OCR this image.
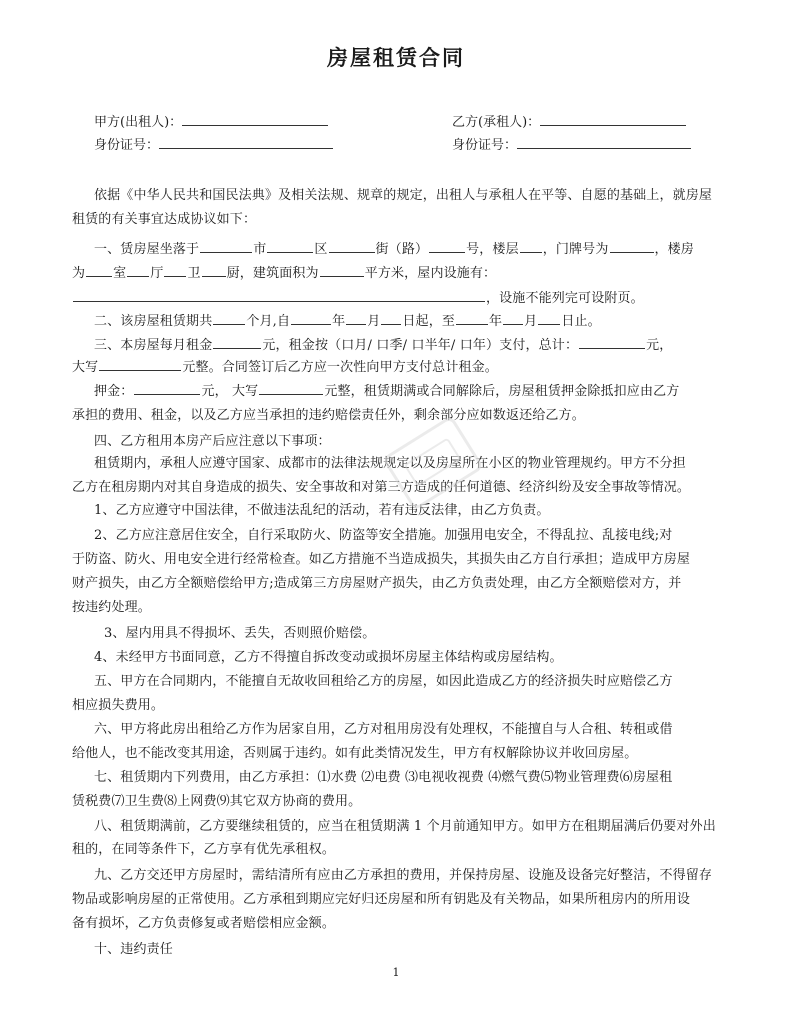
房屋租赁合同
甲方(出租人)：
身份证号：
乙方(承租人)：
身份证号：
依据《中华人民共和国民法典》及相关法规、规章的规定，出租人与承租人在平等、自愿的基础上，就房屋
租赁的有关事宜达成协议如下：
一、赁房屋坐落于	市	区	街（路）	号，楼层 ，门牌号为	，楼房
为 室 厅 卫 厨，建筑面积为	平方米，屋内设施有：
，设施不能列完可设附页。
二、该房屋租赁期共	个月,自	年 月 日起，至	年 月 日止。
三、本房屋每月租金	元，租金按（口月/ 口季/ 口半年/ 口年）支付，总计：	元，
大写	元整。合同签订后乙方应一次性向甲方支付总计租金。
押金：	元， 大写	元整，租赁期满或合同解除后，房屋租赁押金除抵扣应由乙方
承担的费用、租金，以及乙方应当承担的违约赔偿责任外，剩余部分应如数返还给乙方。
四、乙方租用本房产后应注意以下事项：
租赁期内，承租人应遵守国家、成都市的法律法规规定以及房屋所在小区的物业管理规约。甲方不分担
乙方在租房期内对其自身造成的损失、安全事故和对第三方造成的任何道德、经济纠纷及安全事故等情况。
1、乙方应遵守中国法律，不做违法乱纪的活动，若有违反法律，由乙方负责。
2、乙方应注意居住安全，自行采取防火、防盗等安全措施。加强用电安全，不得乱拉、乱接电线;对
于防盗、防火、用电安全进行经常检查。如乙方措施不当造成损失，其损失由乙方自行承担；造成甲方房屋
财产损失，由乙方全额赔偿给甲方;造成第三方房屋财产损失，由乙方负责处理，由乙方全额赔偿对方，并
按违约处理。
3、屋内用具不得损坏、丢失，否则照价赔偿。
4、未经甲方书面同意，乙方不得擅自拆改变动或损坏房屋主体结构或房屋结构。
五、甲方在合同期内，不能擅自无故收回租给乙方的房屋，如因此造成乙方的经济损失时应赔偿乙方
相应损失费用。
六、甲方将此房出租给乙方作为居家自用，乙方对租用房没有处理权，不能擅自与人合租、转租或借
给他人，也不能改变其用途，否则属于违约。如有此类情况发生，甲方有权解除协议并收回房屋。
七、租赁期内下列费用，由乙方承担：⑴水费 ⑵电费 ⑶电视收视费 ⑷燃气费⑸物业管理费⑹房屋租
赁税费⑺卫生费⑻上网费⑼其它双方协商的费用。
八、租赁期满前，乙方要继续租赁的，应当在租赁期满 1 个月前通知甲方。如甲方在租期届满后仍要对外出
租的，在同等条件下，乙方享有优先承租权。
九、乙方交还甲方房屋时，需结清所有应由乙方承担的费用，并保持房屋、设施及设备完好整洁，不得留存
物品或影响房屋的正常使用。乙方承租到期应完好归还房屋和所有钥匙及有关物品，如果所租房内的所用设
备有损坏，乙方负责修复或者赔偿相应金额。
十、违约责任
1
